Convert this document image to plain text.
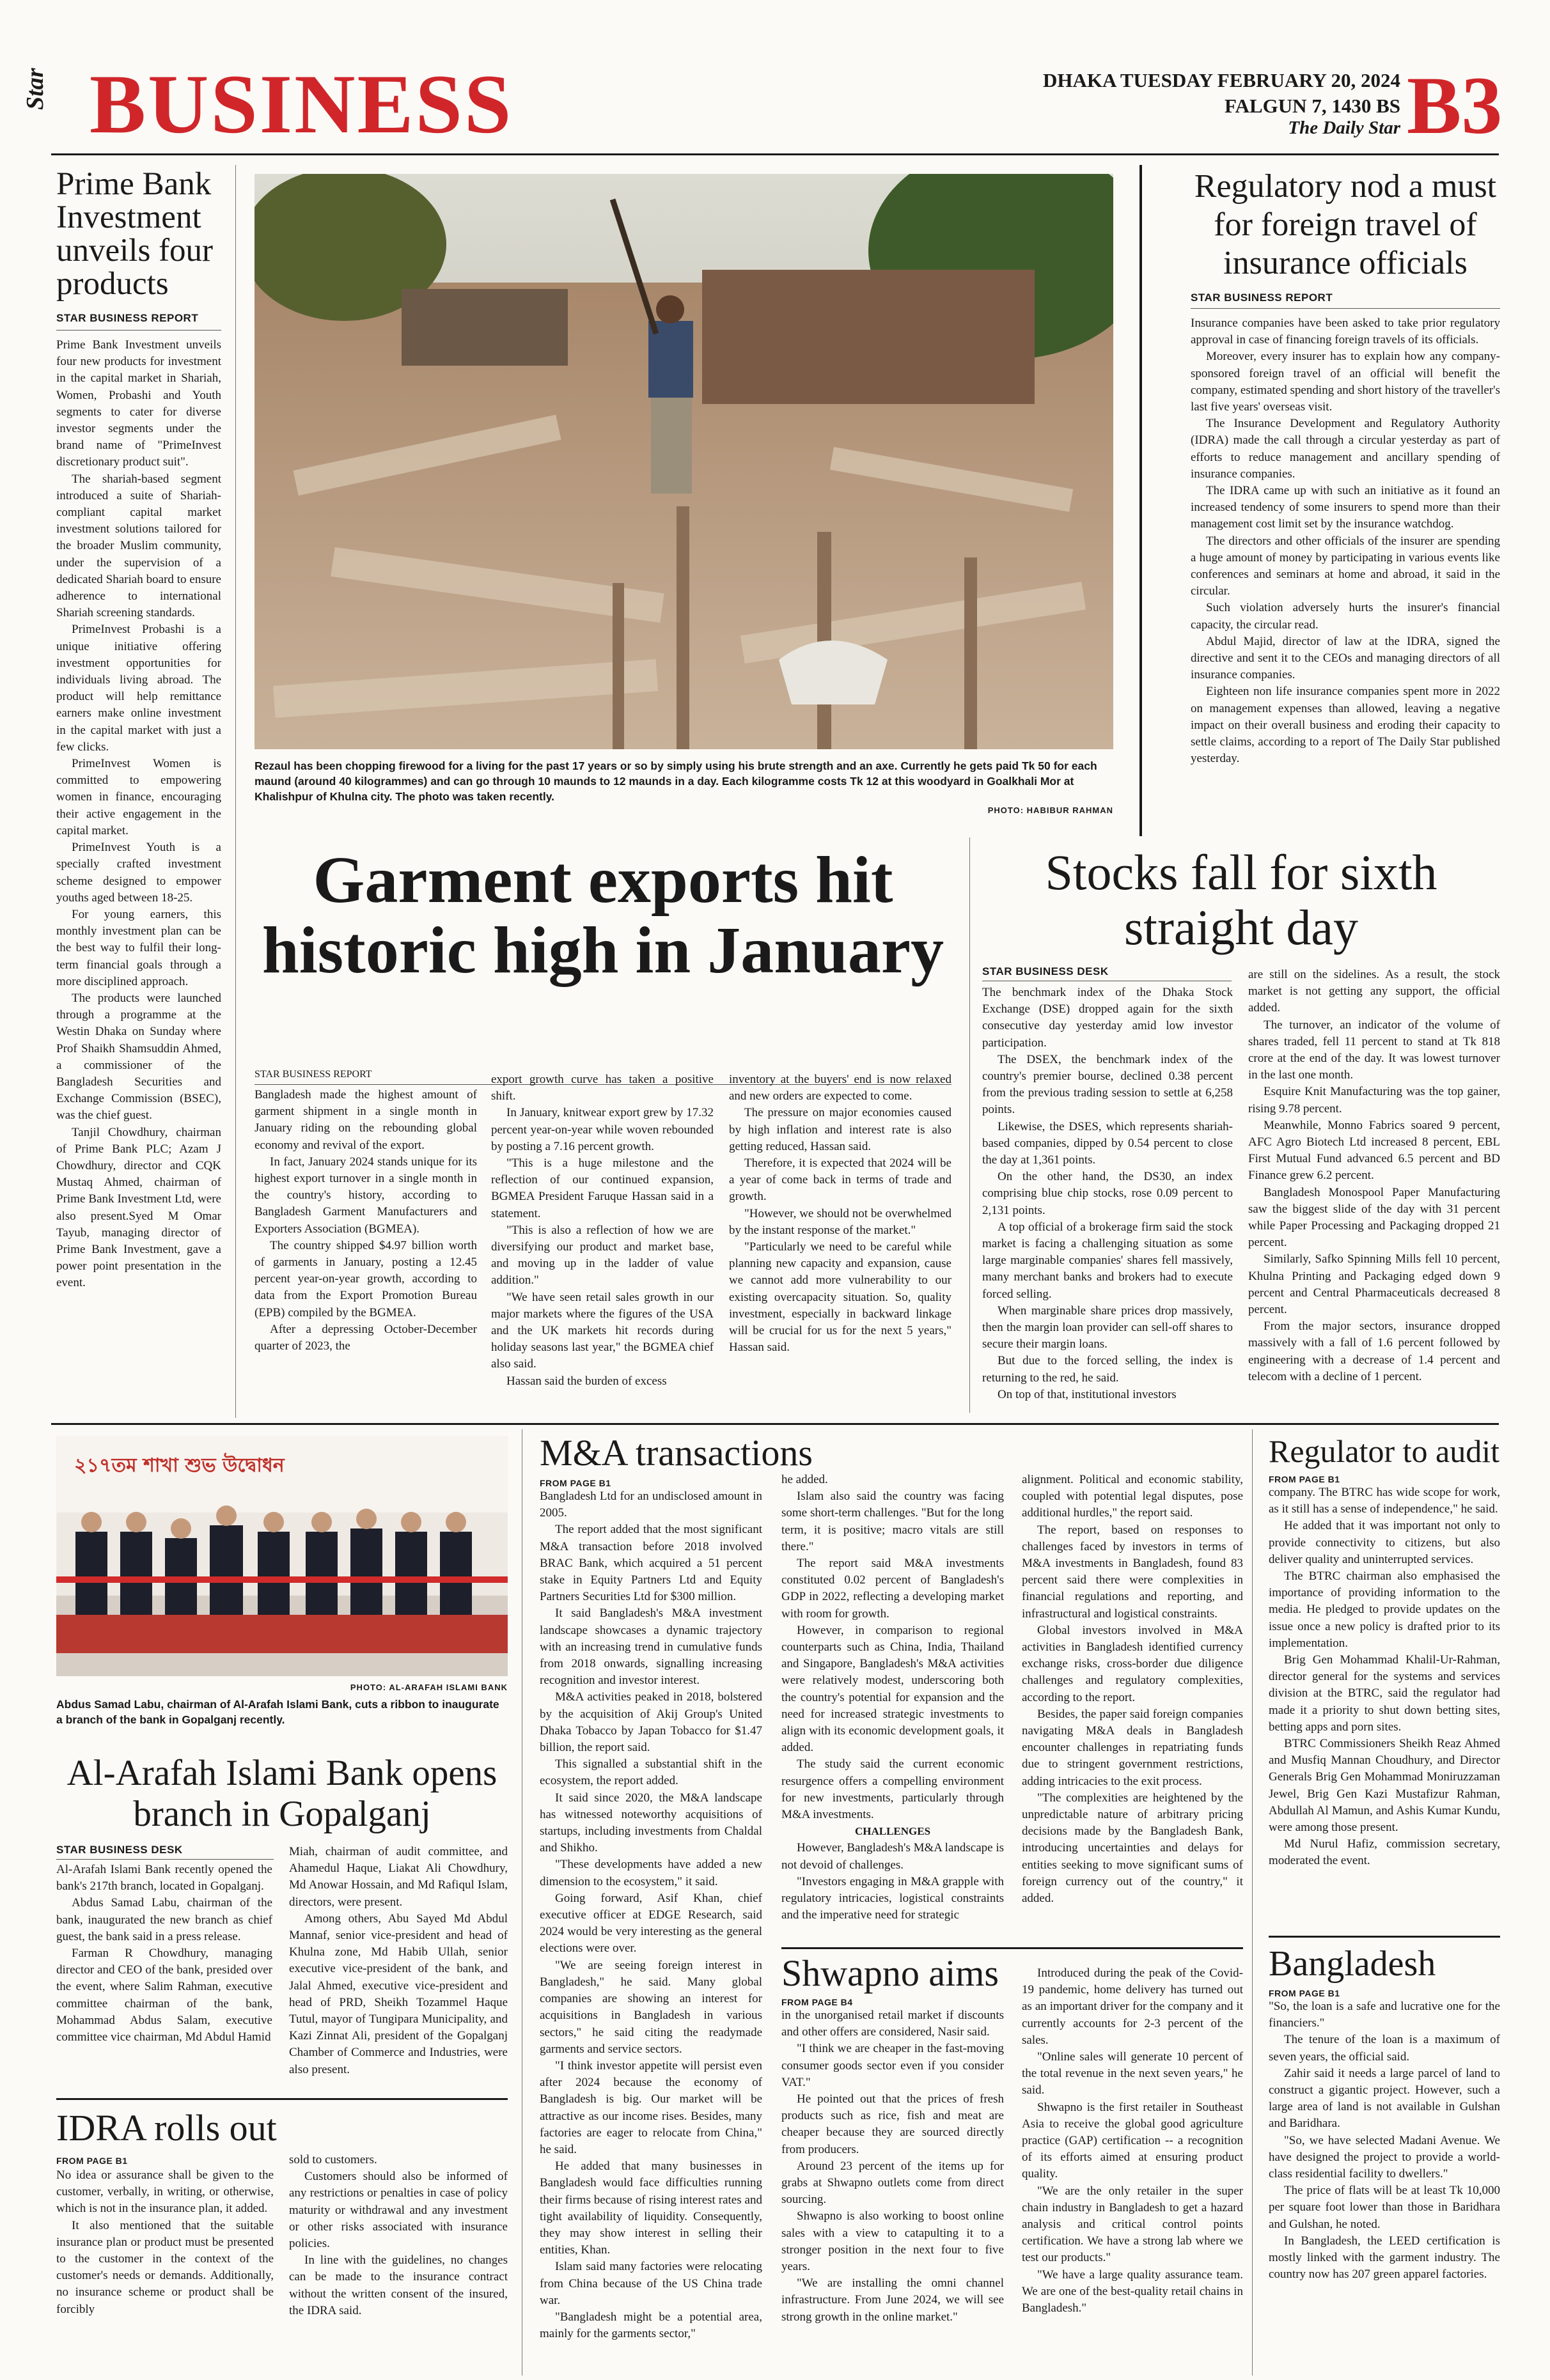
Star BUSINESS	DHAKA TUESDAY FEBRUARY 20, 2024
FALGUN 7, 1430 BS
The Daily Star B3
Prime Bank Investment unveils four products
STAR BUSINESS REPORT

Prime Bank Investment unveils four new products for investment in the capital market in Shariah, Women, Probashi and Youth segments to cater for diverse investor segments under the brand name of "PrimeInvest discretionary product suit".

The shariah-based segment introduced a suite of Shariah-compliant capital market investment solutions tailored for the broader Muslim community, under the supervision of a dedicated Shariah board to ensure adherence to international Shariah screening standards.

PrimeInvest Probashi is a unique initiative offering investment opportunities for individuals living abroad. The product will help remittance earners make online investment in the capital market with just a few clicks.

PrimeInvest Women is committed to empowering women in finance, encouraging their active engagement in the capital market.

PrimeInvest Youth is a specially crafted investment scheme designed to empower youths aged between 18-25.

For young earners, this monthly investment plan can be the best way to fulfil their long-term financial goals through a more disciplined approach.

The products were launched through a programme at the Westin Dhaka on Sunday where Prof Shaikh Shamsuddin Ahmed, a commissioner of the Bangladesh Securities and Exchange Commission (BSEC), was the chief guest.

Tanjil Chowdhury, chairman of Prime Bank PLC; Azam J Chowdhury, director and CQK Mustaq Ahmed, chairman of Prime Bank Investment Ltd, were also present.Syed M Omar Tayub, managing director of Prime Bank Investment, gave a power point presentation in the event.

Rezaul has been chopping firewood for a living for the past 17 years or so by simply using his brute strength and an axe. Currently he gets paid Tk 50 for each maund (around 40 kilogrammes) and can go through 10 maunds to 12 maunds in a day. Each kilogramme costs Tk 12 at this woodyard in Goalkhali Mor at Khalishpur of Khulna city. The photo was taken recently.

PHOTO: HABIBUR RAHMAN
Regulatory nod a must for foreign travel of insurance officials
STAR BUSINESS REPORT

Insurance companies have been asked to take prior regulatory approval in case of financing foreign travels of its officials.

Moreover, every insurer has to explain how any company-sponsored foreign travel of an official will benefit the company, estimated spending and short history of the traveller's last five years' overseas visit.

The Insurance Development and Regulatory Authority (IDRA) made the call through a circular yesterday as part of efforts to reduce management and ancillary spending of insurance companies.

The IDRA came up with such an initiative as it found an increased tendency of some insurers to spend more than their management cost limit set by the insurance watchdog.

The directors and other officials of the insurer are spending a huge amount of money by participating in various events like conferences and seminars at home and abroad, it said in the circular.

Such violation adversely hurts the insurer's financial capacity, the circular read.

Abdul Majid, director of law at the IDRA, signed the directive and sent it to the CEOs and managing directors of all insurance companies.

Eighteen non life insurance companies spent more in 2022 on management expenses than allowed, leaving a negative impact on their overall business and eroding their capacity to settle claims, according to a report of The Daily Star published yesterday.

Garment exports hit historic high in January
STAR BUSINESS REPORT

Bangladesh made the highest amount of garment shipment in a single month in January riding on the rebounding global economy and revival of the export.

In fact, January 2024 stands unique for its highest export turnover in a single month in the country's history, according to Bangladesh Garment Manufacturers and Exporters Association (BGMEA).

The country shipped $4.97 billion worth of garments in January, posting a 12.45 percent year-on-year growth, according to data from the Export Promotion Bureau (EPB) compiled by the BGMEA.

After a depressing October-December quarter of 2023, the

export growth curve has taken a positive shift.

In January, knitwear export grew by 17.32 percent year-on-year while woven rebounded by posting a 7.16 percent growth.

"This is a huge milestone and the reflection of our continued expansion, BGMEA President Faruque Hassan said in a statement.

"This is also a reflection of how we are diversifying our product and market base, and moving up in the ladder of value addition."

"We have seen retail sales growth in our major markets where the figures of the USA and the UK markets hit records during holiday seasons last year," the BGMEA chief also said.

Hassan said the burden of excess

inventory at the buyers' end is now relaxed and new orders are expected to come.

The pressure on major economies caused by high inflation and interest rate is also getting reduced, Hassan said.

Therefore, it is expected that 2024 will be a year of come back in terms of trade and growth.

"However, we should not be overwhelmed by the instant response of the market."

"Particularly we need to be careful while planning new capacity and expansion, cause we cannot add more vulnerability to our existing overcapacity situation. So, quality investment, especially in backward linkage will be crucial for us for the next 5 years," Hassan said.

Stocks fall for sixth straight day
STAR BUSINESS DESK

The benchmark index of the Dhaka Stock Exchange (DSE) dropped again for the sixth consecutive day yesterday amid low investor participation.

The DSEX, the benchmark index of the country's premier bourse, declined 0.38 percent from the previous trading session to settle at 6,258 points.

Likewise, the DSES, which represents shariah-based companies, dipped by 0.54 percent to close the day at 1,361 points.

On the other hand, the DS30, an index comprising blue chip stocks, rose 0.09 percent to 2,131 points.

A top official of a brokerage firm said the stock market is facing a challenging situation as some large marginable companies' shares fell massively, many merchant banks and brokers had to execute forced selling.

When marginable share prices drop massively, then the margin loan provider can sell-off shares to secure their margin loans.

But due to the forced selling, the index is returning to the red, he said.

On top of that, institutional investors

are still on the sidelines. As a result, the stock market is not getting any support, the official added.

The turnover, an indicator of the volume of shares traded, fell 11 percent to stand at Tk 818 crore at the end of the day. It was lowest turnover in the last one month.

Esquire Knit Manufacturing was the top gainer, rising 9.78 percent.

Meanwhile, Monno Fabrics soared 9 percent, AFC Agro Biotech Ltd increased 8 percent, EBL First Mutual Fund advanced 6.5 percent and BD Finance grew 6.2 percent.

Bangladesh Monospool Paper Manufacturing saw the biggest slide of the day with 31 percent while Paper Processing and Packaging dropped 21 percent.

Similarly, Safko Spinning Mills fell 10 percent, Khulna Printing and Packaging edged down 9 percent and Central Pharmaceuticals decreased 8 percent.

From the major sectors, insurance dropped massively with a fall of 1.6 percent followed by engineering with a decrease of 1.4 percent and telecom with a decline of 1 percent.

২১৭তম শাখা শুভ উদ্বোধন
PHOTO: AL-ARAFAH ISLAMI BANK

Abdus Samad Labu, chairman of Al-Arafah Islami Bank, cuts a ribbon to inaugurate a branch of the bank in Gopalganj recently.

Al-Arafah Islami Bank opens branch in Gopalganj
STAR BUSINESS DESK

Al-Arafah Islami Bank recently opened the bank's 217th branch, located in Gopalganj.

Abdus Samad Labu, chairman of the bank, inaugurated the new branch as chief guest, the bank said in a press release.

Farman R Chowdhury, managing director and CEO of the bank, presided over the event, where Salim Rahman, executive committee chairman of the bank, Mohammad Abdus Salam, executive committee vice chairman, Md Abdul Hamid

Miah, chairman of audit committee, and Ahamedul Haque, Liakat Ali Chowdhury, Md Anowar Hossain, and Md Rafiqul Islam, directors, were present.

Among others, Abu Sayed Md Abdul Mannaf, senior vice-president and head of Khulna zone, Md Habib Ullah, senior executive vice-president of the bank, and Jalal Ahmed, executive vice-president and head of PRD, Sheikh Tozammel Haque Tutul, mayor of Tungipara Municipality, and Kazi Zinnat Ali, president of the Gopalganj Chamber of Commerce and Industries, were also present.

IDRA rolls out
FROM PAGE B1

No idea or assurance shall be given to the customer, verbally, in writing, or otherwise, which is not in the insurance plan, it added.

It also mentioned that the suitable insurance plan or product must be presented to the customer in the context of the customer's needs or demands. Additionally, no insurance scheme or product shall be forcibly

sold to customers.

Customers should also be informed of any restrictions or penalties in case of policy maturity or withdrawal and any investment or other risks associated with insurance policies.

In line with the guidelines, no changes can be made to the insurance contract without the written consent of the insured, the IDRA said.

M&A transactions
FROM PAGE B1

Bangladesh Ltd for an undisclosed amount in 2005.

The report added that the most significant M&A transaction before 2018 involved BRAC Bank, which acquired a 51 percent stake in Equity Partners Ltd and Equity Partners Securities Ltd for $300 million.

It said Bangladesh's M&A investment landscape showcases a dynamic trajectory with an increasing trend in cumulative funds from 2018 onwards, signalling increasing recognition and investor interest.

M&A activities peaked in 2018, bolstered by the acquisition of Akij Group's United Dhaka Tobacco by Japan Tobacco for $1.47 billion, the report said.

This signalled a substantial shift in the ecosystem, the report added.

It said since 2020, the M&A landscape has witnessed noteworthy acquisitions of startups, including investments from Chaldal and Shikho.

"These developments have added a new dimension to the ecosystem," it said.

Going forward, Asif Khan, chief executive officer at EDGE Research, said 2024 would be very interesting as the general elections were over.

"We are seeing foreign interest in Bangladesh," he said. Many global companies are showing an interest for acquisitions in Bangladesh in various sectors," he said citing the readymade garments and service sectors.

"I think investor appetite will persist even after 2024 because the economy of Bangladesh is big. Our market will be attractive as our income rises. Besides, many factories are eager to relocate from China," he said.

He added that many businesses in Bangladesh would face difficulties running their firms because of rising interest rates and tight availability of liquidity. Consequently, they may show interest in selling their entities, Khan.

Islam said many factories were relocating from China because of the US China trade war.

"Bangladesh might be a potential area, mainly for the garments sector,"

he added.

Islam also said the country was facing some short-term challenges. "But for the long term, it is positive; macro vitals are still there."

The report said M&A investments constituted 0.02 percent of Bangladesh's GDP in 2022, reflecting a developing market with room for growth.

However, in comparison to regional counterparts such as China, India, Thailand and Singapore, Bangladesh's M&A activities were relatively modest, underscoring both the country's potential for expansion and the need for increased strategic investments to align with its economic development goals, it added.

The study said the current economic resurgence offers a compelling environment for new investments, particularly through M&A investments.

CHALLENGES

However, Bangladesh's M&A landscape is not devoid of challenges.

"Investors engaging in M&A grapple with regulatory intricacies, logistical constraints and the imperative need for strategic

alignment. Political and economic stability, coupled with potential legal disputes, pose additional hurdles," the report said.

The report, based on responses to challenges faced by investors in terms of M&A investments in Bangladesh, found 83 percent said there were complexities in financial regulations and reporting, and infrastructural and logistical constraints.

Global investors involved in M&A activities in Bangladesh identified currency exchange risks, cross-border due diligence challenges and regulatory complexities, according to the report.

Besides, the paper said foreign companies navigating M&A deals in Bangladesh encounter challenges in repatriating funds due to stringent government restrictions, adding intricacies to the exit process.

"The complexities are heightened by the unpredictable nature of arbitrary pricing decisions made by the Bangladesh Bank, introducing uncertainties and delays for entities seeking to move significant sums of foreign currency out of the country," it added.

Shwapno aims
FROM PAGE B4

in the unorganised retail market if discounts and other offers are considered, Nasir said.

"I think we are cheaper in the fast-moving consumer goods sector even if you consider VAT."

He pointed out that the prices of fresh products such as rice, fish and meat are cheaper because they are sourced directly from producers.

Around 23 percent of the items up for grabs at Shwapno outlets come from direct sourcing.

Shwapno is also working to boost online sales with a view to catapulting it to a stronger position in the next four to five years.

"We are installing the omni channel infrastructure. From June 2024, we will see strong growth in the online market."

Introduced during the peak of the Covid-19 pandemic, home delivery has turned out as an important driver for the company and it currently accounts for 2-3 percent of the sales.

"Online sales will generate 10 percent of the total revenue in the next seven years," he said.

Shwapno is the first retailer in Southeast Asia to receive the global good agriculture practice (GAP) certification -- a recognition of its efforts aimed at ensuring product quality.

"We are the only retailer in the super chain industry in Bangladesh to get a hazard analysis and critical control points certification. We have a strong lab where we test our products."

"We have a large quality assurance team. We are one of the best-quality retail chains in Bangladesh."

Regulator to audit
FROM PAGE B1

company. The BTRC has wide scope for work, as it still has a sense of independence," he said.

He added that it was important not only to provide connectivity to citizens, but also deliver quality and uninterrupted services.

The BTRC chairman also emphasised the importance of providing information to the media. He pledged to provide updates on the issue once a new policy is drafted prior to its implementation.

Brig Gen Mohammad Khalil-Ur-Rahman, director general for the systems and services division at the BTRC, said the regulator had made it a priority to shut down betting sites, betting apps and porn sites.

BTRC Commissioners Sheikh Reaz Ahmed and Musfiq Mannan Choudhury, and Director Generals Brig Gen Mohammad Moniruzzaman Jewel, Brig Gen Kazi Mustafizur Rahman, Abdullah Al Mamun, and Ashis Kumar Kundu, were among those present.

Md Nurul Hafiz, commission secretary, moderated the event.

Bangladesh
FROM PAGE B1

"So, the loan is a safe and lucrative one for the financiers."

The tenure of the loan is a maximum of seven years, the official said.

Zahir said it needs a large parcel of land to construct a gigantic project. However, such a large area of land is not available in Gulshan and Baridhara.

"So, we have selected Madani Avenue. We have designed the project to provide a world-class residential facility to dwellers."

The price of flats will be at least Tk 10,000 per square foot lower than those in Baridhara and Gulshan, he noted.

In Bangladesh, the LEED certification is mostly linked with the garment industry. The country now has 207 green apparel factories.
